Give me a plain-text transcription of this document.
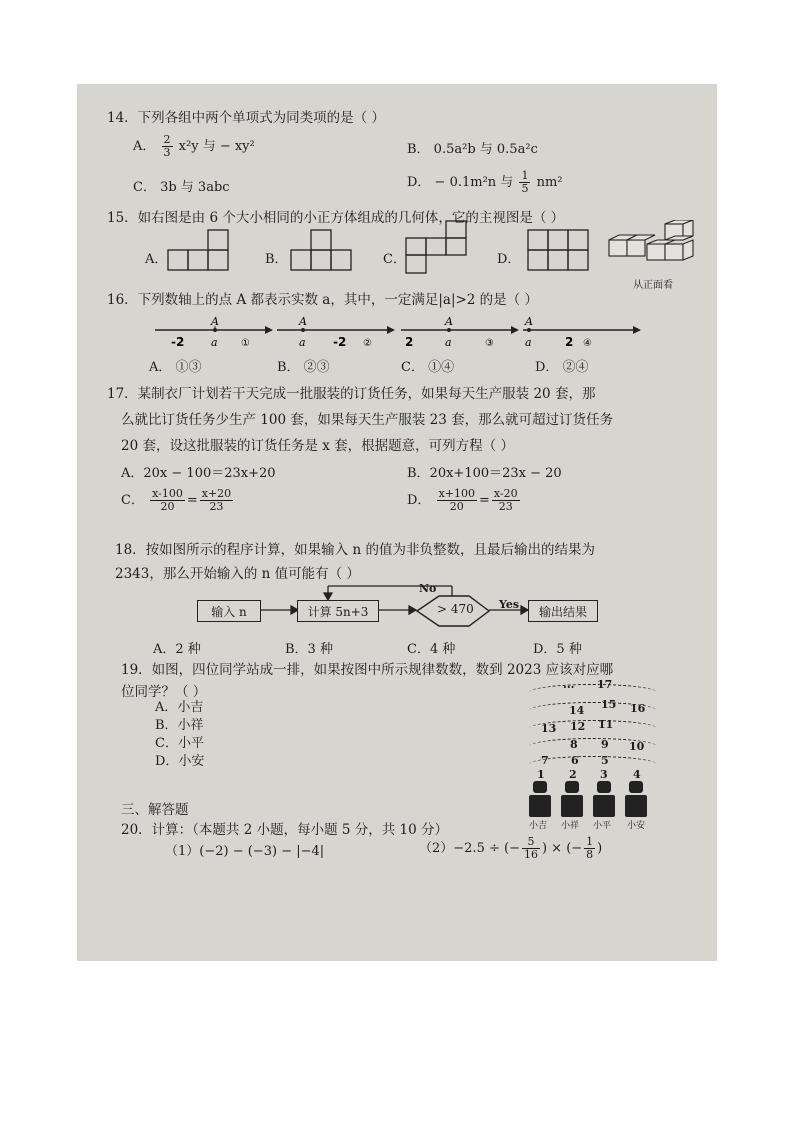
14．下列各组中两个单项式为同类项的是（ ）
A． $\frac{2}{3} x^2y$ 与 − xy²	B． 0.5a²b 与 0.5a²c
C． 3b 与 3abc	D． − 0.1m²n 与 $\frac{1}{5} nm^2$
15．如右图是由 6 个大小相同的小正方体组成的几何体，它的主视图是（ ）
A．	B．	C．	D．
从正面看
16．下列数轴上的点 A 都表示实数 a，其中，一定满足|a|>2 的是（ ）
A
-2 a ①
A
a -2 ②
A
2	a	③
A
a	2 ④
A． ①③	B． ②③	C． ①④	D． ②④
17．某制衣厂计划若干天完成一批服装的订货任务，如果每天生产服装 20 套，那
么就比订货任务少生产 100 套，如果每天生产服装 23 套，那么就可超过订货任务
20 套，设这批服装的订货任务是 x 套，根据题意，可列方程（ ）
A．20x − 100＝23x+20	B．20x+100＝23x − 20
C． $\frac{x-100}{20} = \frac{x+20}{23}$	D． $\frac{x+100}{20} = \frac{x-20}{23}$
18．按如图所示的程序计算，如果输入 n 的值为非负整数，且最后输出的结果为
2343，那么开始输入的 n 值可能有（ ）
输入 n	计算 5n+3	> 470
No
Yes	输出结果
A．2 种	B．3 种	C．4 种	D．5 种
19．如图，四位同学站成一排，如果按图中所示规律数数，数到 2023 应该对应哪
位同学？（ ）
A．小吉
B．小祥
C．小平
D．小安
... 17
14 15 16
13 12 11
8 9 10
7 6 5
1 2 3 4
小吉 小祥 小平 小安
三、解答题
20．计算：（本题共 2 小题，每小题 5 分，共 10 分）
（1）(−2) − (−3) − |−4|	（2）−2.5 ÷ (− $\frac{5}{16}$ ) × (− $\frac{1}{8}$ )
